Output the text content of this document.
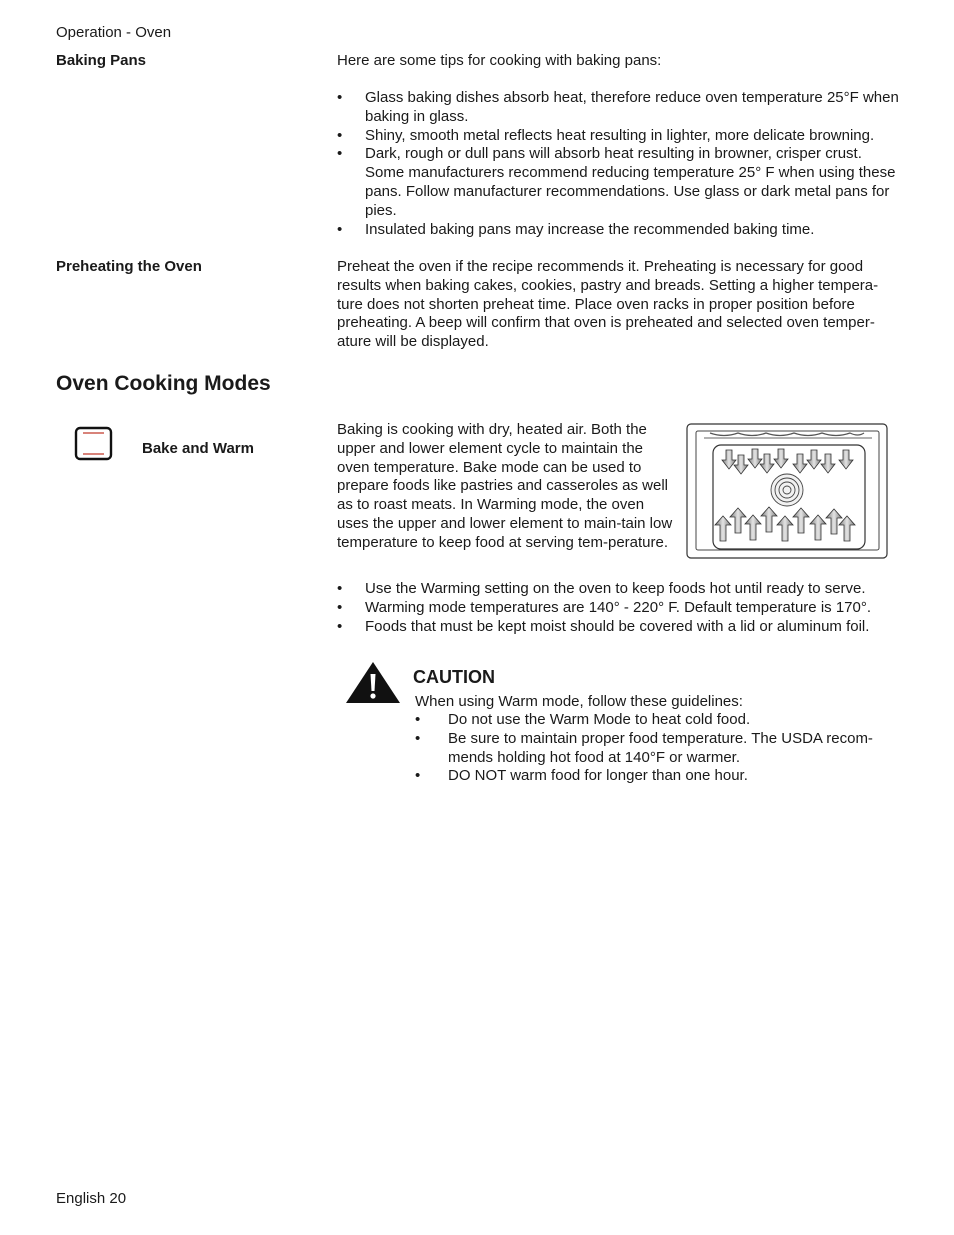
Operation - Oven
Baking Pans	Here are some tips for cooking with baking pans:
• Glass baking dishes absorb heat, therefore reduce oven temperature 25°F when baking in glass.
• Shiny, smooth metal reflects heat resulting in lighter, more delicate browning.
• Dark, rough or dull pans will absorb heat resulting in browner, crisper crust. Some manufacturers recommend reducing temperature 25° F when using these pans. Follow manufacturer recommendations. Use glass or dark metal pans for pies.
• Insulated baking pans may increase the recommended baking time.
Preheating the Oven	Preheat the oven if the recipe recommends it. Preheating is necessary for good results when baking cakes, cookies, pastry and breads. Setting a higher tempera-ture does not shorten preheat time. Place oven racks in proper position before preheating. A beep will confirm that oven is preheated and selected oven temper-ature will be displayed.
Oven Cooking Modes
Bake and Warm
Baking is cooking with dry, heated air. Both the upper and lower element cycle to maintain the oven temperature. Bake mode can be used to prepare foods like pastries and casseroles as well as to roast meats. In Warming mode, the oven uses the upper and lower element to main-tain low temperature to keep food at serving tem-perature.
• Use the Warming setting on the oven to keep foods hot until ready to serve.
• Warming mode temperatures are 140° - 220° F. Default temperature is 170°.
• Foods that must be kept moist should be covered with a lid or aluminum foil.
CAUTION
When using Warm mode, follow these guidelines:
• Do not use the Warm Mode to heat cold food.
• Be sure to maintain proper food temperature. The USDA recom-mends holding hot food at 140°F or warmer.
• DO NOT warm food for longer than one hour.
English 20
